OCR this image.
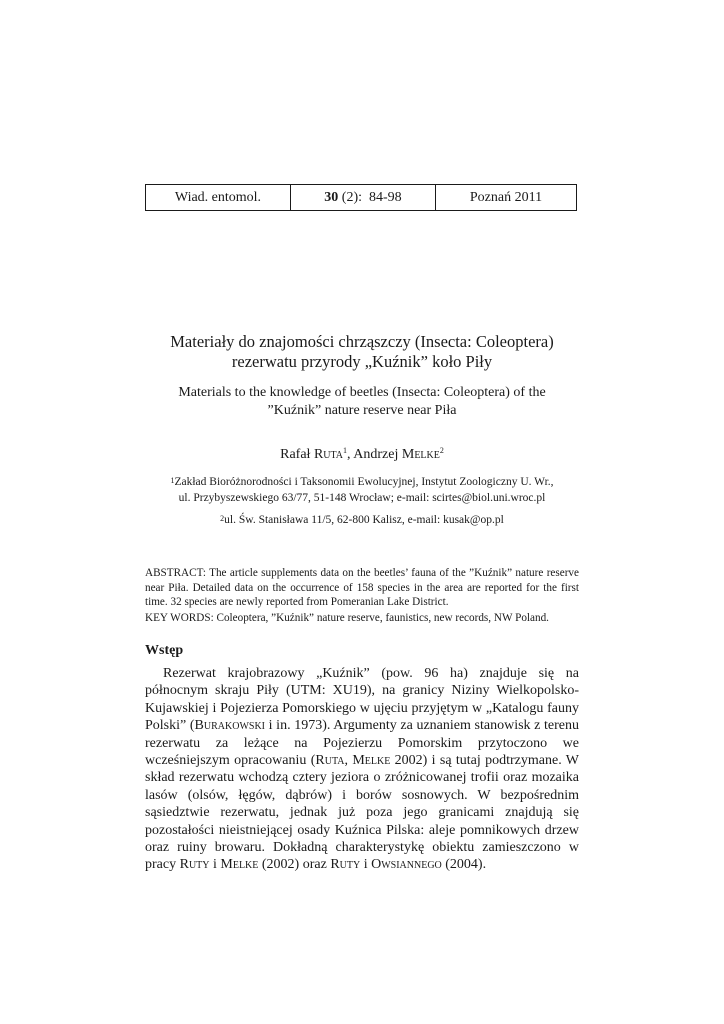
Wiad. entomol.	30 (2):  84-98	Poznań 2011
Materiały do znajomości chrząszczy (Insecta: Coleoptera)
rezerwatu przyrody „Kuźnik” koło Piły
Materials to the knowledge of beetles (Insecta: Coleoptera) of the
”Kuźnik” nature reserve near Piła
Rafał Ruta$^1$, Andrzej Melke$^2$
$^1$Zakład Bioróżnorodności i Taksonomii Ewolucyjnej, Instytut Zoologiczny U. Wr.,
ul. Przybyszewskiego 63/77, 51-148 Wrocław; e-mail: scirtes@biol.uni.wroc.pl
$^2$ul. Św. Stanisława 11/5, 62-800 Kalisz, e-mail: kusak@op.pl
ABSTRACT: The article supplements data on the beetles’ fauna of the ”Kuźnik” nature reserve near Piła. Detailed data on the occurrence of 158 species in the area are reported for the first time. 32 species are newly reported from Pomeranian Lake District.
KEY WORDS: Coleoptera, ”Kuźnik” nature reserve, faunistics, new records, NW Poland.
Wstęp
Rezerwat krajobrazowy „Kuźnik” (pow. 96 ha) znajduje się na północnym skraju Piły (UTM: XU19), na granicy Niziny Wielkopolsko-Kujawskiej i Pojezierza Pomorskiego w ujęciu przyjętym w „Katalogu fauny Polski” (Burakowski i in. 1973). Argumenty za uznaniem stanowisk z terenu rezerwatu za leżące na Pojezierzu Pomorskim przytoczono we wcześniejszym opracowaniu (Ruta, Melke 2002) i są tutaj podtrzymane. W skład rezerwatu wchodzą cztery jeziora o zróżnicowanej trofii oraz mozaika lasów (olsów, łęgów, dąbrów) i borów sosnowych. W bezpośrednim sąsiedztwie rezerwatu, jednak już poza jego granicami znajdują się pozostałości nieistniejącej osady Kuźnica Pilska: aleje pomnikowych drzew oraz ruiny browaru. Dokładną charakterystykę obiektu zamieszczono w pracy Ruty i Melke (2002) oraz Ruty i Owsiannego (2004).
